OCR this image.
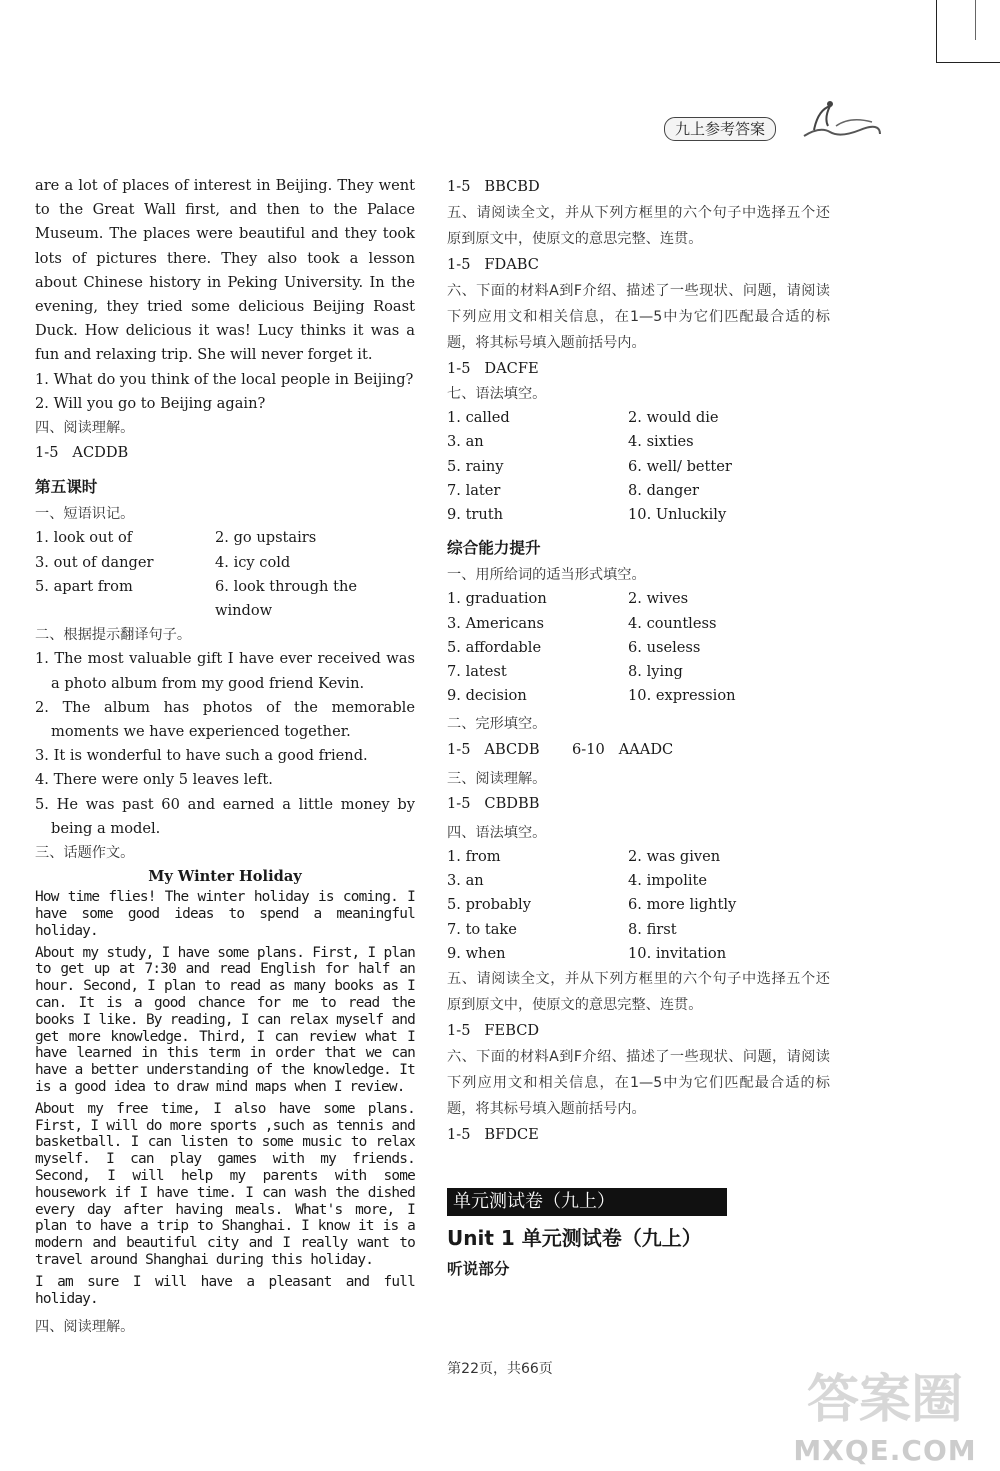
九上参考答案
are a lot of places of interest in Beijing. They went to the Great Wall first, and then to the Palace Museum. The places were beautiful and they took lots of pictures there. They also took a lesson about Chinese history in Peking University. In the evening, they tried some delicious Beijing Roast Duck. How delicious it was! Lucy thinks it was a fun and relaxing trip. She will never forget it.
1. What do you think of the local people in Beijing?
2. Will you go to Beijing again?
四、阅读理解。
1-5   ACDDB
第五课时
一、短语识记。
1. look out of	2. go upstairs
3. out of danger	4. icy cold
5. apart from	6. look through the window
二、根据提示翻译句子。
1. The most valuable gift I have ever received was a photo album from my good friend Kevin.
2. The album has photos of the memorable moments we have experienced together.
3. It is wonderful to have such a good friend.
4. There were only 5 leaves left.
5. He was past 60 and earned a little money by being a model.
三、话题作文。
My Winter Holiday
How time flies! The winter holiday is coming. I have some good ideas to spend a meaningful holiday.
About my study, I have some plans. First, I plan to get up at 7:30 and read English for half an hour. Second, I plan to read as many books as I can. It is a good chance for me to read the books I like. By reading, I can relax myself and get more knowledge. Third, I can review what I have learned in this term in order that we can have a better understanding of the knowledge. It is a good idea to draw mind maps when I review.
About my free time, I also have some plans. First, I will do more sports ,such as tennis and basketball. I can listen to some music to relax myself. I can play games with my friends. Second, I will help my parents with some housework if I have time. I can wash the dished every day after having meals. What's more, I plan to have a trip to Shanghai. I know it is a modern and beautiful city and I really want to travel around Shanghai during this holiday.
I am sure I will have a pleasant and full holiday.
四、阅读理解。
1-5   BBCBD
五、请阅读全文，并从下列方框里的六个句子中选择五个还原到原文中，使原文的意思完整、连贯。
1-5   FDABC
六、下面的材料A到F介绍、描述了一些现状、问题，请阅读下列应用文和相关信息，在1—5中为它们匹配最合适的标题，将其标号填入题前括号内。
1-5   DACFE
七、语法填空。
1. called	2. would die
3. an	4. sixties
5. rainy	6. well/ better
7. later	8. danger
9. truth	10. Unluckily
综合能力提升
一、用所给词的适当形式填空。
1. graduation	2. wives
3. Americans	4. countless
5. affordable	6. useless
7. latest	8. lying
9. decision	10. expression
二、完形填空。
1-5   ABCDB       6-10   AAADC
三、阅读理解。
1-5   CBDBB
四、语法填空。
1. from	2. was given
3. an	4. impolite
5. probably	6. more lightly
7. to take	8. first
9. when	10. invitation
五、请阅读全文，并从下列方框里的六个句子中选择五个还原到原文中，使原文的意思完整、连贯。
1-5   FEBCD
六、下面的材料A到F介绍、描述了一些现状、问题，请阅读下列应用文和相关信息，在1—5中为它们匹配最合适的标题，将其标号填入题前括号内。
1-5   BFDCE
单元测试卷（九上）
Unit 1 单元测试卷（九上）
听说部分
第22页，共66页
答案圈
MXQE.COM
